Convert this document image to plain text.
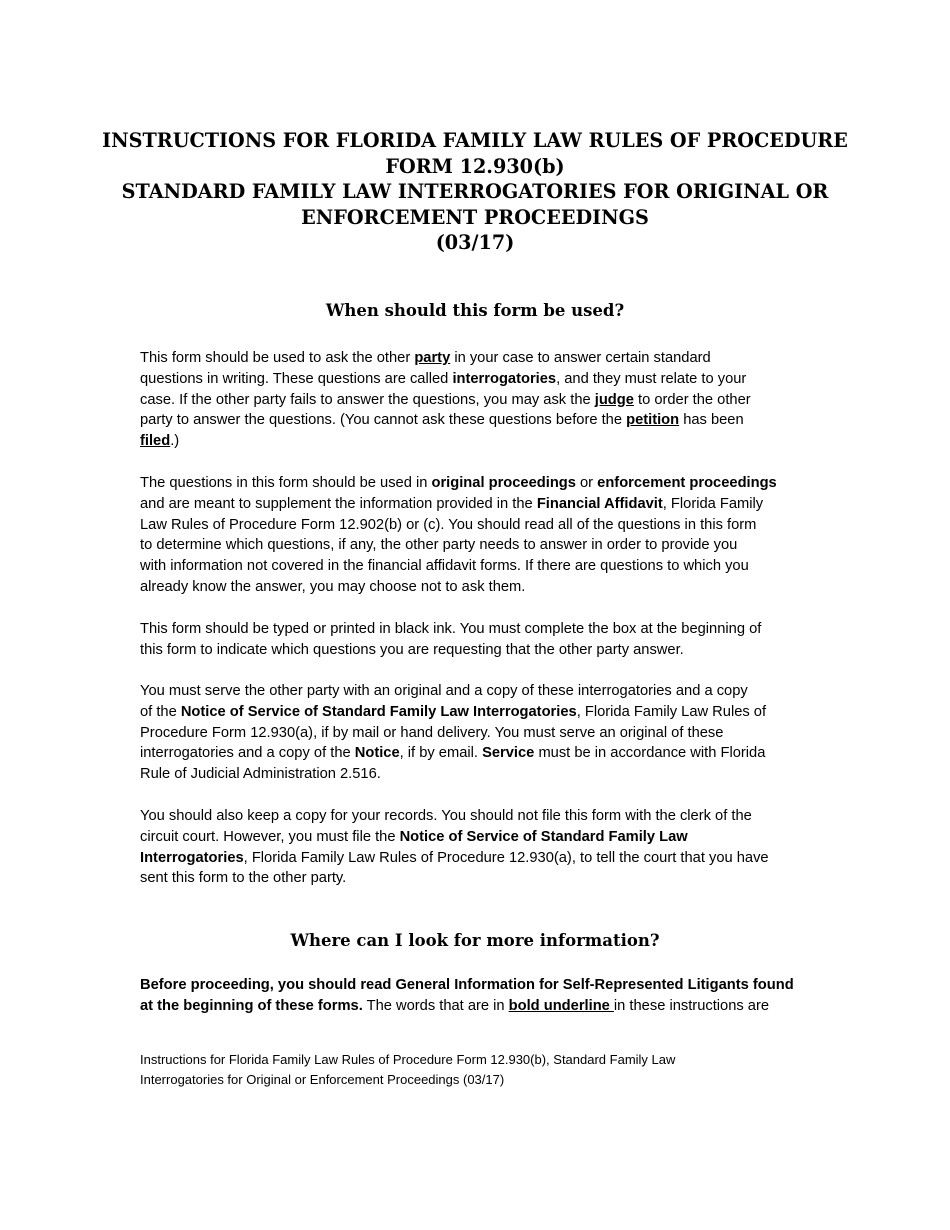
INSTRUCTIONS FOR FLORIDA FAMILY LAW RULES OF PROCEDURE
FORM 12.930(b)
STANDARD FAMILY LAW INTERROGATORIES FOR ORIGINAL OR
ENFORCEMENT PROCEEDINGS
(03/17)
When should this form be used?
This form should be used to ask the other party in your case to answer certain standard
questions in writing. These questions are called interrogatories, and they must relate to your
case. If the other party fails to answer the questions, you may ask the judge to order the other
party to answer the questions. (You cannot ask these questions before the petition has been
filed.)
The questions in this form should be used in original proceedings or enforcement proceedings
and are meant to supplement the information provided in the Financial Affidavit, Florida Family
Law Rules of Procedure Form 12.902(b) or (c). You should read all of the questions in this form
to determine which questions, if any, the other party needs to answer in order to provide you
with information not covered in the financial affidavit forms. If there are questions to which you
already know the answer, you may choose not to ask them.
This form should be typed or printed in black ink. You must complete the box at the beginning of
this form to indicate which questions you are requesting that the other party answer.
You must serve the other party with an original and a copy of these interrogatories and a copy
of the Notice of Service of Standard Family Law Interrogatories, Florida Family Law Rules of
Procedure Form 12.930(a), if by mail or hand delivery. You must serve an original of these
interrogatories and a copy of the Notice, if by email. Service must be in accordance with Florida
Rule of Judicial Administration 2.516.
You should also keep a copy for your records. You should not file this form with the clerk of the
circuit court. However, you must file the Notice of Service of Standard Family Law
Interrogatories, Florida Family Law Rules of Procedure 12.930(a), to tell the court that you have
sent this form to the other party.
Where can I look for more information?
Before proceeding, you should read General Information for Self-Represented Litigants found
at the beginning of these forms. The words that are in bold underline in these instructions are
Instructions for Florida Family Law Rules of Procedure Form 12.930(b), Standard Family Law
Interrogatories for Original or Enforcement Proceedings (03/17)
